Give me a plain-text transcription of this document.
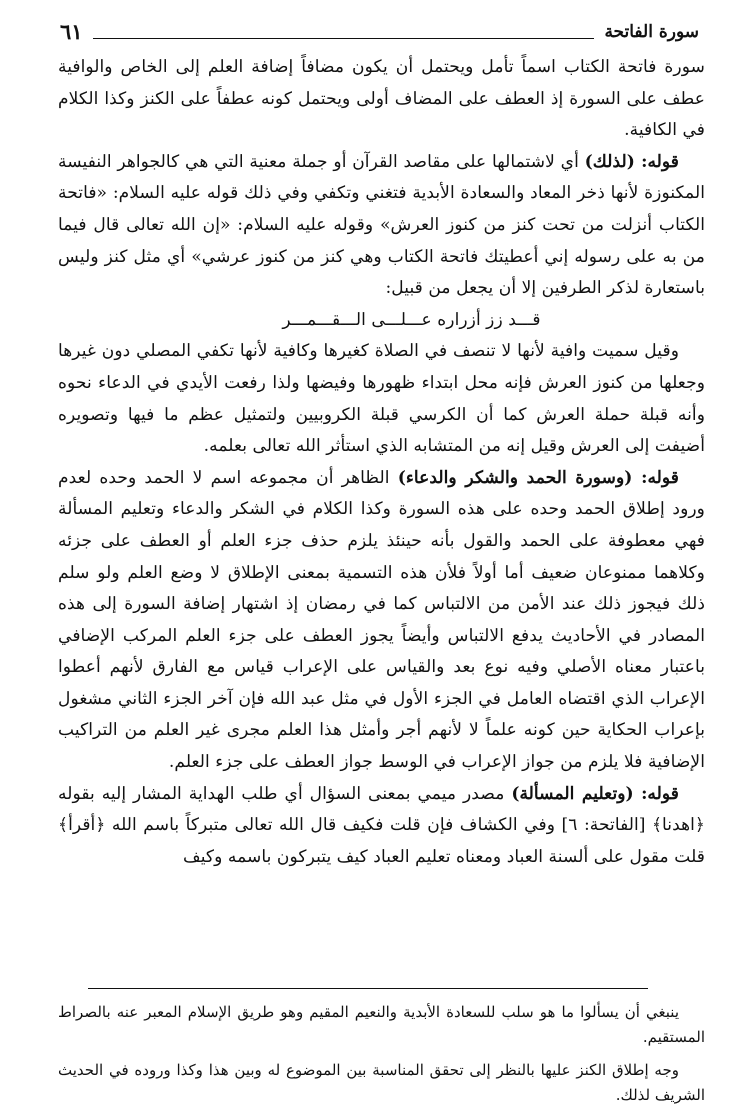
سورة الفاتحة
٦١

سورة فاتحة الكتاب اسماً تأمل ويحتمل أن يكون مضافاً إضافة العلم إلى الخاص والوافية عطف على السورة إذ العطف على المضاف أولى ويحتمل كونه عطفاً على الكنز وكذا الكلام في الكافية.

قوله: (لذلك) أي لاشتمالها على مقاصد القرآن أو جملة معنية التي هي كالجواهر النفيسة المكنوزة لأنها ذخر المعاد والسعادة الأبدية فتغني وتكفي وفي ذلك قوله عليه السلام: «فاتحة الكتاب أنزلت من تحت كنز من كنوز العرش» وقوله عليه السلام: «إن الله تعالى قال فيما من به على رسوله إني أعطيتك فاتحة الكتاب وهي كنز من كنوز عرشي» أي مثل كنز وليس باستعارة لذكر الطرفين إلا أن يجعل من قبيل:

قـــد زز أزراره عـــلـــى الـــقـــمـــر

وقيل سميت وافية لأنها لا تنصف في الصلاة كغيرها وكافية لأنها تكفي المصلي دون غيرها وجعلها من كنوز العرش فإنه محل ابتداء ظهورها وفيضها ولذا رفعت الأيدي في الدعاء نحوه وأنه قبلة حملة العرش كما أن الكرسي قبلة الكروبيين ولتمثيل عظم ما فيها وتصويره أضيفت إلى العرش وقيل إنه من المتشابه الذي استأثر الله تعالى بعلمه.

قوله: (وسورة الحمد والشكر والدعاء) الظاهر أن مجموعه اسم لا الحمد وحده لعدم ورود إطلاق الحمد وحده على هذه السورة وكذا الكلام في الشكر والدعاء وتعليم المسألة فهي معطوفة على الحمد والقول بأنه حينئذ يلزم حذف جزء العلم أو العطف على جزئه وكلاهما ممنوعان ضعيف أما أولاً فلأن هذه التسمية بمعنى الإطلاق لا وضع العلم ولو سلم ذلك فيجوز ذلك عند الأمن من الالتباس كما في رمضان إذ اشتهار إضافة السورة إلى هذه المصادر في الأحاديث يدفع الالتباس وأيضاً يجوز العطف على جزء العلم المركب الإضافي باعتبار معناه الأصلي وفيه نوع بعد والقياس على الإعراب قياس مع الفارق لأنهم أعطوا الإعراب الذي اقتضاه العامل في الجزء الأول في مثل عبد الله فإن آخر الجزء الثاني مشغول بإعراب الحكاية حين كونه علماً لا لأنهم أجر وأمثل هذا العلم مجرى غير العلم من التراكيب الإضافية فلا يلزم من جواز الإعراب في الوسط جواز العطف على جزء العلم.

قوله: (وتعليم المسألة) مصدر ميمي بمعنى السؤال أي طلب الهداية المشار إليه بقوله ﴿اهدنا﴾ [الفاتحة: ٦] وفي الكشاف فإن قلت فكيف قال الله تعالى متبركاً باسم الله ﴿أقرأ﴾ قلت مقول على ألسنة العباد ومعناه تعليم العباد كيف يتبركون باسمه وكيف

ينبغي أن يسألوا ما هو سلب للسعادة الأبدية والنعيم المقيم وهو طريق الإسلام المعبر عنه بالصراط المستقيم.

وجه إطلاق الكنز عليها بالنظر إلى تحقق المناسبة بين الموضوع له وبين هذا وكذا وروده في الحديث الشريف لذلك.
